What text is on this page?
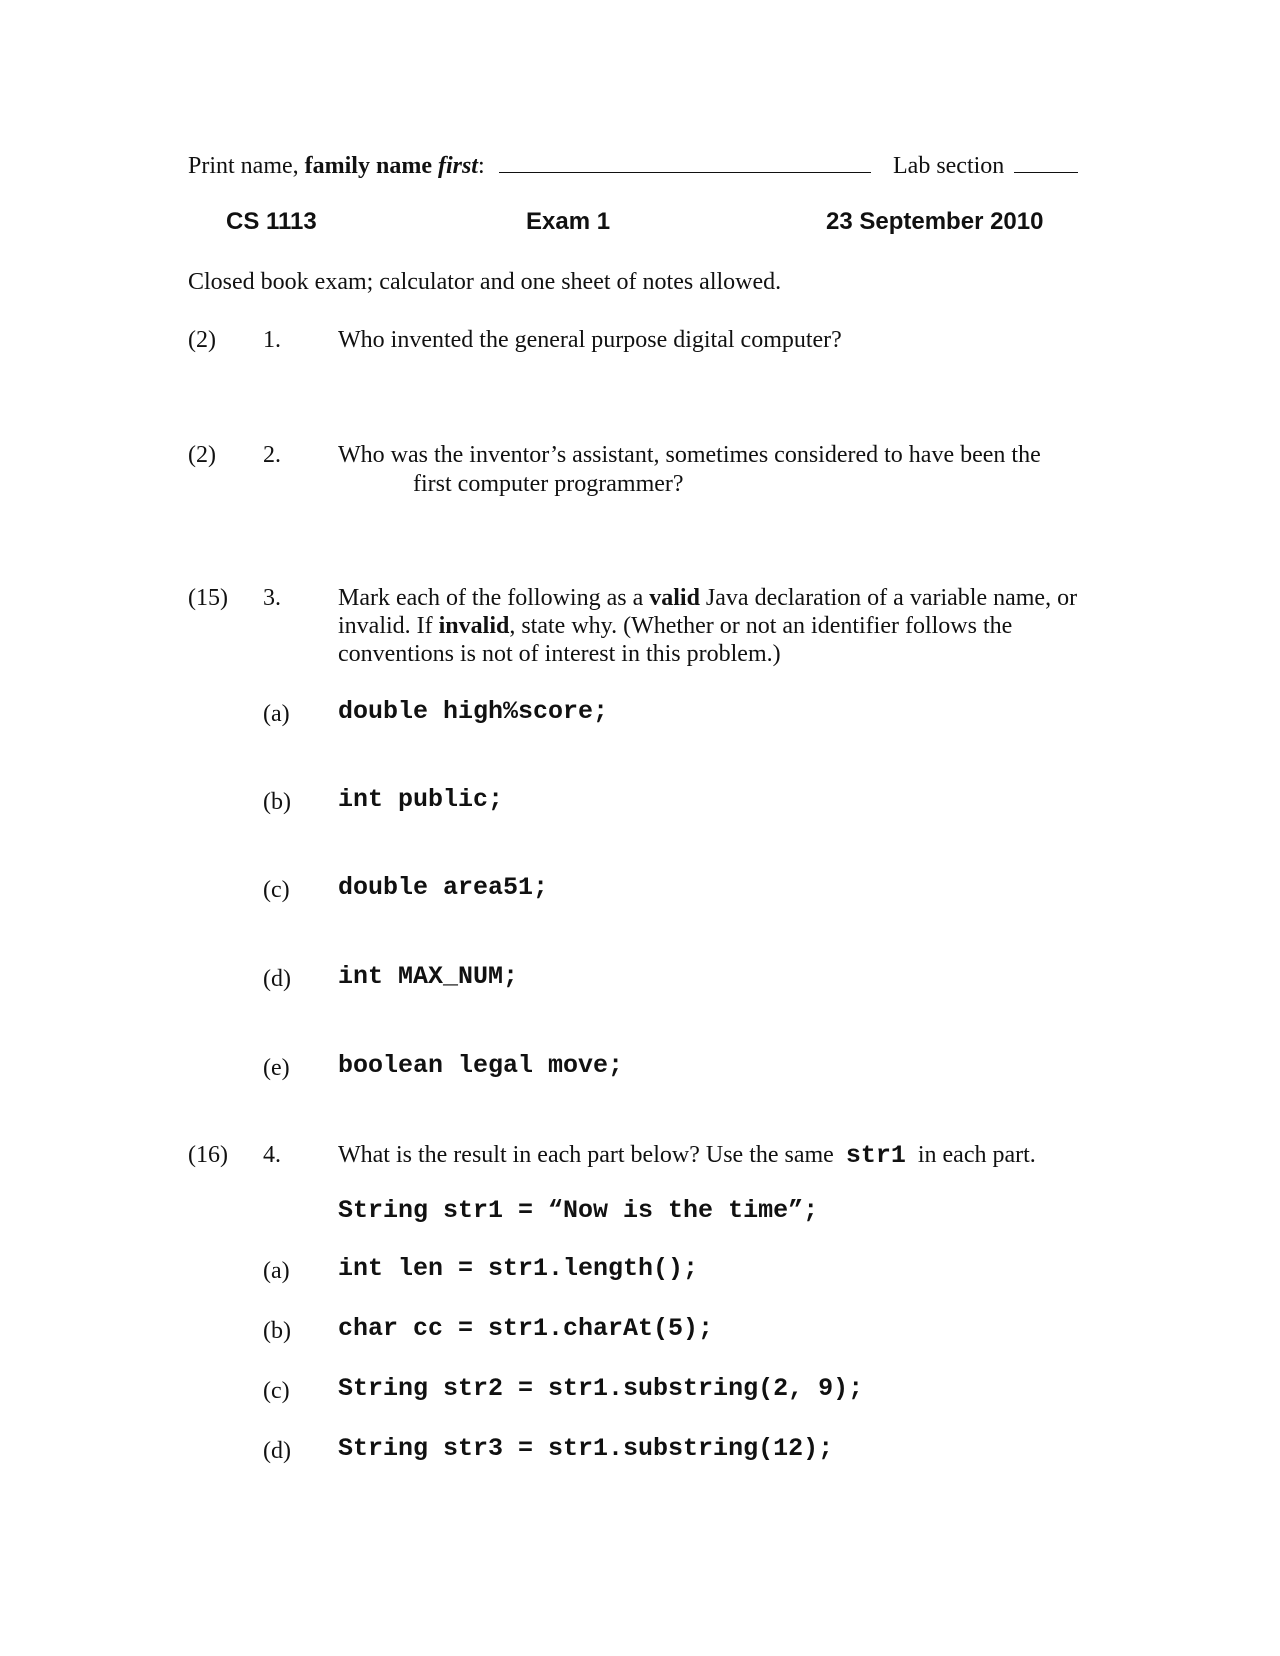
Print name, family name first:	Lab section
CS 1113	Exam 1	23 September 2010
Closed book exam; calculator and one sheet of notes allowed.
(2) 1. Who invented the general purpose digital computer?
(2) 2. Who was the inventor’s assistant, sometimes considered to have been the
first computer programmer?
(15) 3. Mark each of the following as a valid Java declaration of a variable name, or invalid. If invalid, state why. (Whether or not an identifier follows the conventions is not of interest in this problem.)
(a) double high%score;
(b) int public;
(c) double area51;
(d) int MAX_NUM;
(e) boolean legal move;
(16) 4. What is the result in each part below? Use the same str1 in each part.
String str1 = “Now is the time”;
(a) int len = str1.length();
(b) char cc = str1.charAt(5);
(c) String str2 = str1.substring(2, 9);
(d) String str3 = str1.substring(12);
